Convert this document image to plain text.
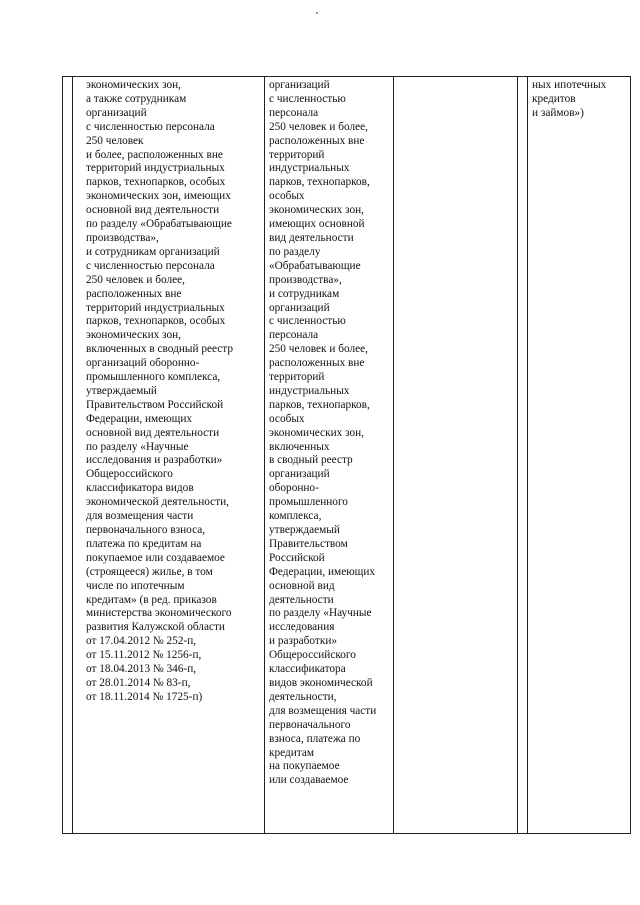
	экономических зон,
а также сотрудникам
организаций
с численностью персонала
250 человек
и более, расположенных вне
территорий индустриальных
парков, технопарков, особых
экономических зон, имеющих
основной вид деятельности
по разделу «Обрабатывающие
производства»,
и сотрудникам организаций
с численностью персонала
250 человек и более,
расположенных вне
территорий индустриальных
парков, технопарков, особых
экономических зон,
включенных в сводный реестр
организаций оборонно-
промышленного комплекса,
утверждаемый
Правительством Российской
Федерации, имеющих
основной вид деятельности
по разделу «Научные
исследования и разработки»
Общероссийского
классификатора видов
экономической деятельности,
для возмещения части
первоначального взноса,
платежа по кредитам на
покупаемое или создаваемое
(строящееся) жилье, в том
числе по ипотечным
кредитам» (в ред. приказов
министерства экономического
развития Калужской области
от 17.04.2012 № 252-п,
от 15.11.2012 № 1256-п,
от 18.04.2013 № 346-п,
от 28.01.2014 № 83-п,
от 18.11.2014 № 1725-п)	организаций
с численностью
персонала
250 человек и более,
расположенных вне
территорий
индустриальных
парков, технопарков,
особых
экономических зон,
имеющих основной
вид деятельности
по разделу
«Обрабатывающие
производства»,
и сотрудникам
организаций
с численностью
персонала
250 человек и более,
расположенных вне
территорий
индустриальных
парков, технопарков,
особых
экономических зон,
включенных
в сводный реестр
организаций
оборонно-
промышленного
комплекса,
утверждаемый
Правительством
Российской
Федерации, имеющих
основной вид
деятельности
по разделу «Научные
исследования
и разработки»
Общероссийского
классификатора
видов экономической
деятельности,
для возмещения части
первоначального
взноса, платежа по
кредитам
на покупаемое
или создаваемое			ных ипотечных
кредитов
и займов»)
